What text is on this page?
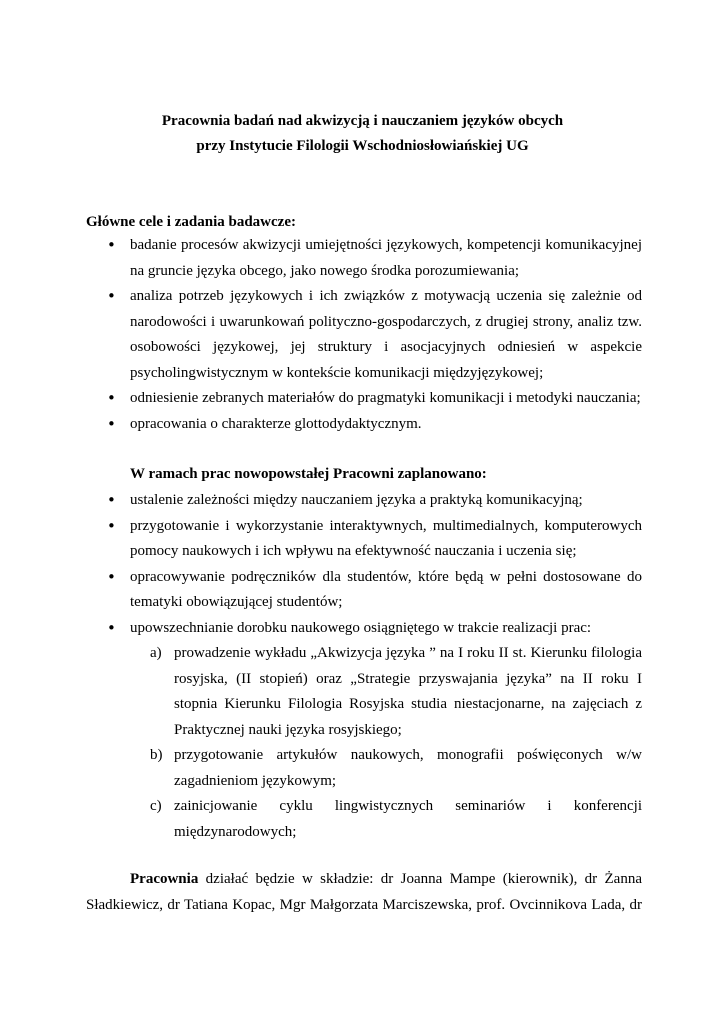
Pracownia badań nad akwizycją i nauczaniem języków obcych
przy Instytucie Filologii Wschodniosłowiańskiej UG
Główne cele i zadania badawcze:
• badanie procesów akwizycji umiejętności językowych, kompetencji komunikacyjnej na gruncie języka obcego, jako nowego środka porozumiewania;
• analiza potrzeb językowych i ich związków z motywacją uczenia się zależnie od narodowości i uwarunkowań polityczno-gospodarczych, z drugiej strony, analiz tzw. osobowości językowej, jej struktury i asocjacyjnych odniesień w aspekcie psycholingwistycznym w kontekście komunikacji międzyjęzykowej;
• odniesienie zebranych materiałów do pragmatyki komunikacji i metodyki nauczania;
• opracowania o charakterze glottodydaktycznym.
W ramach prac nowopowstałej Pracowni zaplanowano:
• ustalenie zależności między nauczaniem języka a praktyką komunikacyjną;
• przygotowanie i wykorzystanie interaktywnych, multimedialnych, komputerowych pomocy naukowych i ich wpływu na efektywność nauczania i uczenia się;
• opracowywanie podręczników dla studentów, które będą w pełni dostosowane do tematyki obowiązującej studentów;
• upowszechnianie dorobku naukowego osiągniętego w trakcie realizacji prac:
a) prowadzenie wykładu „Akwizycja języka ” na I roku II st. Kierunku filologia rosyjska, (II stopień) oraz „Strategie przyswajania języka” na II roku I stopnia Kierunku Filologia Rosyjska studia niestacjonarne, na zajęciach z Praktycznej nauki języka rosyjskiego;
b) przygotowanie artykułów naukowych, monografii poświęconych w/w zagadnieniom językowym;
c) zainicjowanie cyklu lingwistycznych seminariów i konferencji międzynarodowych;

Pracownia działać będzie w składzie: dr Joanna Mampe (kierownik), dr Żanna Sładkiewicz, dr Tatiana Kopac, Mgr Małgorzata Marciszewska, prof. Ovcinnikova Lada, dr
